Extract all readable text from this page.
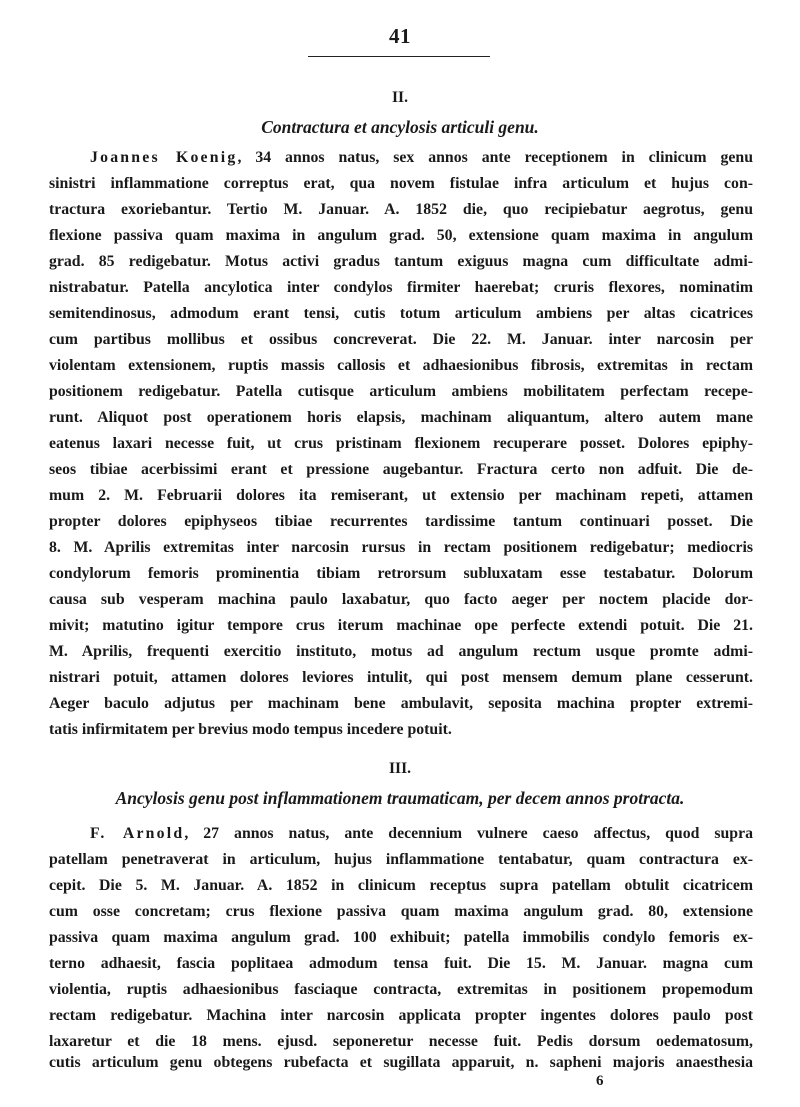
41
II.
Contractura et ancylosis articuli genu.
Joannes Koenig, 34 annos natus, sex annos ante receptionem in clinicum genu
sinistri inflammatione correptus erat, qua novem fistulae infra articulum et hujus con-
tractura exoriebantur. Tertio M. Januar. A. 1852 die, quo recipiebatur aegrotus, genu
flexione passiva quam maxima in angulum grad. 50, extensione quam maxima in angulum
grad. 85 redigebatur. Motus activi gradus tantum exiguus magna cum difficultate admi-
nistrabatur. Patella ancylotica inter condylos firmiter haerebat; cruris flexores, nominatim
semitendinosus, admodum erant tensi, cutis totum articulum ambiens per altas cicatrices
cum partibus mollibus et ossibus concreverat. Die 22. M. Januar. inter narcosin per
violentam extensionem, ruptis massis callosis et adhaesionibus fibrosis, extremitas in rectam
positionem redigebatur. Patella cutisque articulum ambiens mobilitatem perfectam recepe-
runt. Aliquot post operationem horis elapsis, machinam aliquantum, altero autem mane
eatenus laxari necesse fuit, ut crus pristinam flexionem recuperare posset. Dolores epiphy-
seos tibiae acerbissimi erant et pressione augebantur. Fractura certo non adfuit. Die de-
mum 2. M. Februarii dolores ita remiserant, ut extensio per machinam repeti, attamen
propter dolores epiphyseos tibiae recurrentes tardissime tantum continuari posset. Die
8. M. Aprilis extremitas inter narcosin rursus in rectam positionem redigebatur; mediocris
condylorum femoris prominentia tibiam retrorsum subluxatam esse testabatur. Dolorum
causa sub vesperam machina paulo laxabatur, quo facto aeger per noctem placide dor-
mivit; matutino igitur tempore crus iterum machinae ope perfecte extendi potuit. Die 21.
M. Aprilis, frequenti exercitio instituto, motus ad angulum rectum usque promte admi-
nistrari potuit, attamen dolores leviores intulit, qui post mensem demum plane cesserunt.
Aeger baculo adjutus per machinam bene ambulavit, seposita machina propter extremi-
tatis infirmitatem per brevius modo tempus incedere potuit.
III.
Ancylosis genu post inflammationem traumaticam, per decem annos protracta.
F. Arnold, 27 annos natus, ante decennium vulnere caeso affectus, quod supra
patellam penetraverat in articulum, hujus inflammatione tentabatur, quam contractura ex-
cepit. Die 5. M. Januar. A. 1852 in clinicum receptus supra patellam obtulit cicatricem
cum osse concretam; crus flexione passiva quam maxima angulum grad. 80, extensione
passiva quam maxima angulum grad. 100 exhibuit; patella immobilis condylo femoris ex-
terno adhaesit, fascia poplitaea admodum tensa fuit. Die 15. M. Januar. magna cum
violentia, ruptis adhaesionibus fasciaque contracta, extremitas in positionem propemodum
rectam redigebatur. Machina inter narcosin applicata propter ingentes dolores paulo post
laxaretur et die 18 mens. ejusd. seponeretur necesse fuit. Pedis dorsum oedematosum,
cutis articulum genu obtegens rubefacta et sugillata apparuit, n. sapheni majoris anaesthesia
6
